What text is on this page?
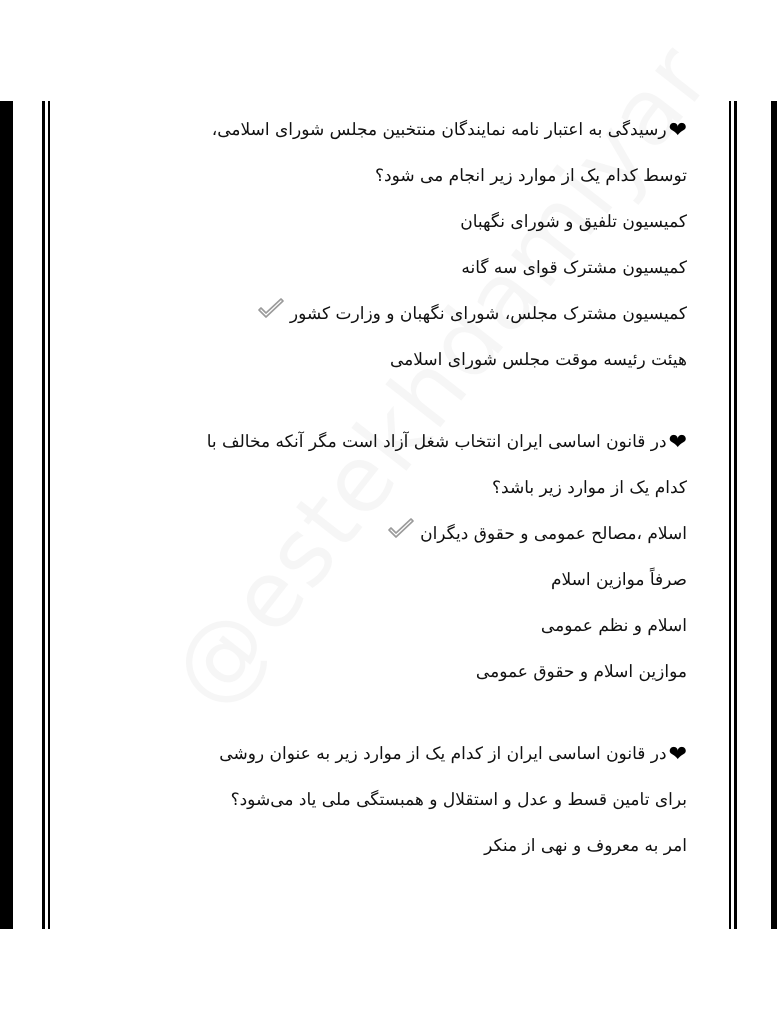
❤رسیدگی به اعتبار نامه نمایندگان منتخبین مجلس شورای اسلامی،
توسط کدام یک از موارد زیر انجام می شود؟
کمیسیون تلفیق و شورای نگهبان
کمیسیون مشترک قوای سه گانه
کمیسیون مشترک مجلس، شورای نگهبان و وزارت کشور
هیئت رئیسه موقت مجلس شورای اسلامی
❤در قانون اساسی ایران انتخاب شغل آزاد است مگر آنکه مخالف با
کدام یک از موارد زیر باشد؟
اسلام ،مصالح عمومی و حقوق دیگران
صرفاً موازین اسلام
اسلام و نظم عمومی
موازین اسلام و حقوق عمومی
❤در قانون اساسی ایران از کدام یک از موارد زیر به عنوان روشی
برای تامین قسط و عدل و استقلال و همبستگی ملی یاد می‌شود؟
امر به معروف و نهی از منکر
